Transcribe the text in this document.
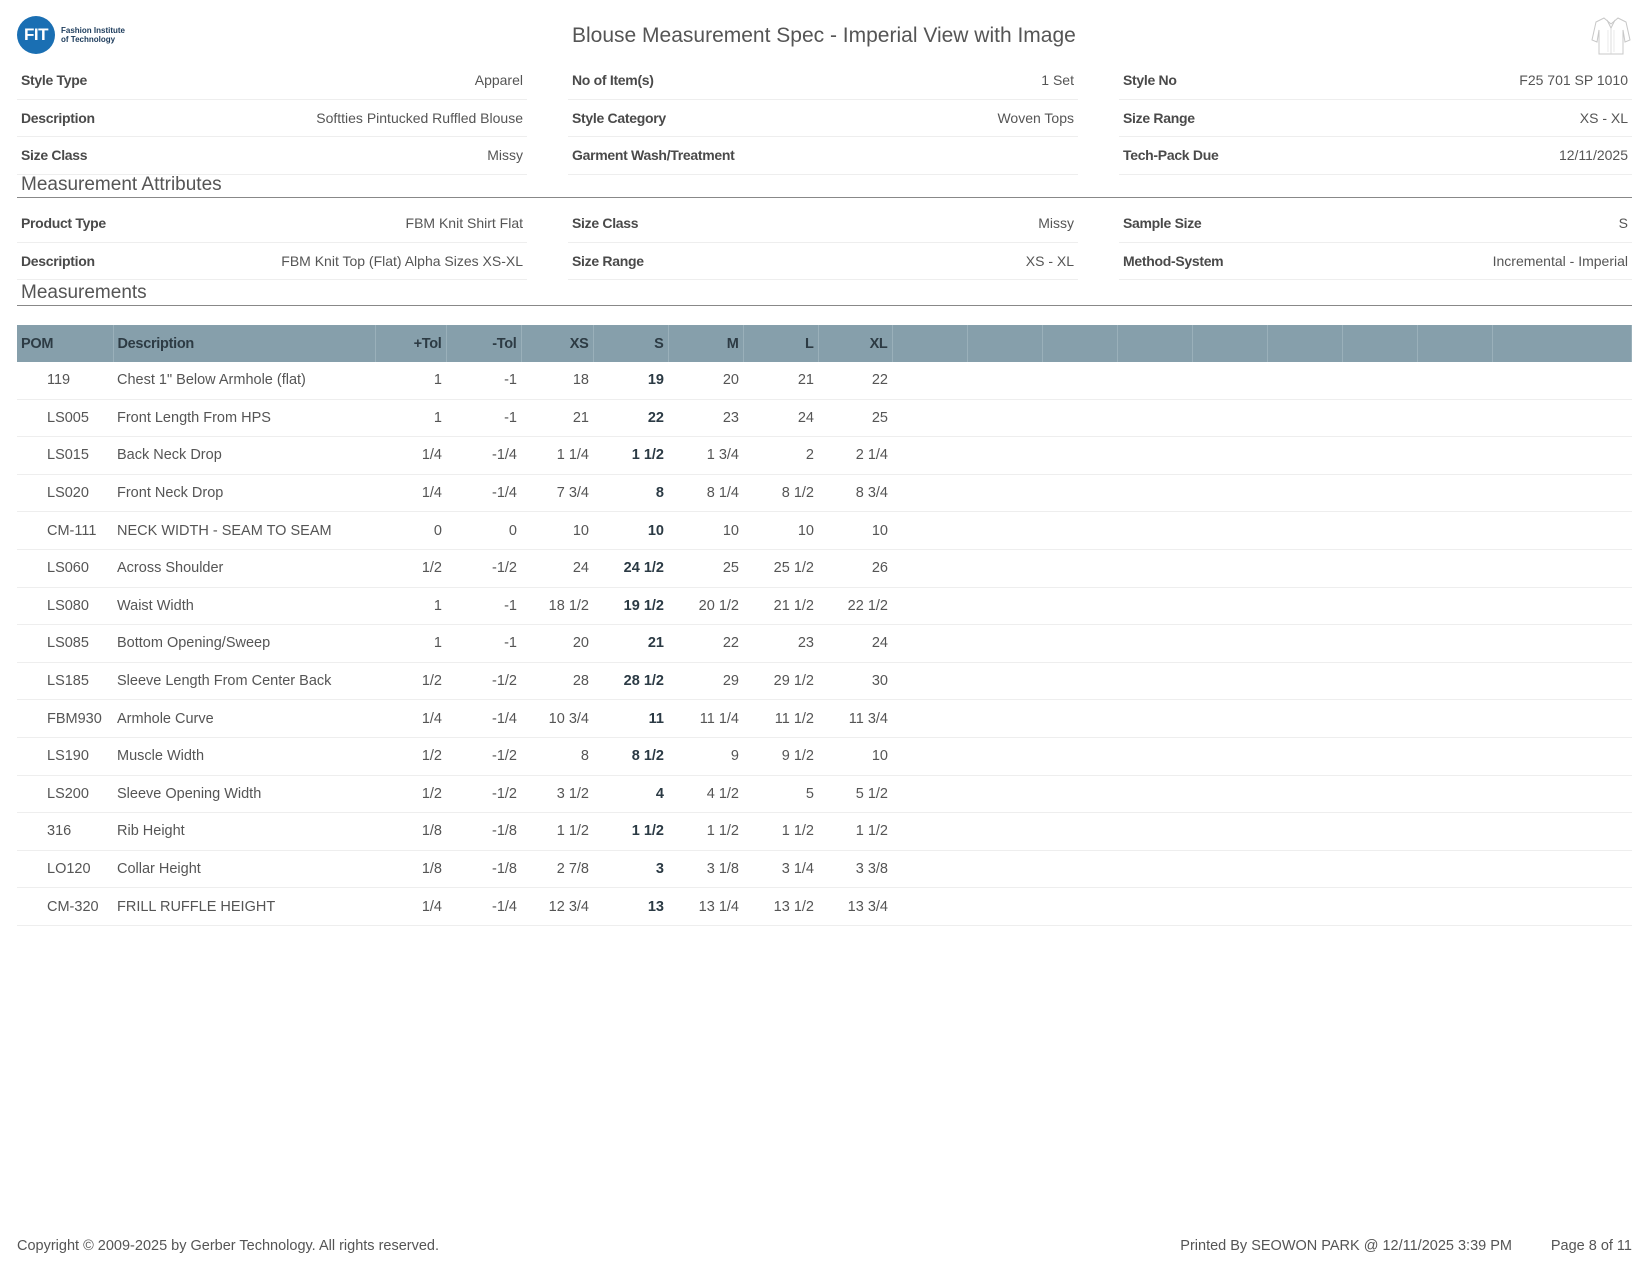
FIT	Fashion Institute of Technology	Blouse Measurement Spec - Imperial View with Image
Style Type	Apparel	No of Item(s)	1 Set	Style No	F25 701 SP 1010
Description	Softties Pintucked Ruffled Blouse	Style Category	Woven Tops	Size Range	XS - XL
Size Class	Missy	Garment Wash/Treatment	Tech-Pack Due	12/11/2025
Measurement Attributes
Product Type	FBM Knit Shirt Flat	Size Class	Missy	Sample Size	S
Description	FBM Knit Top (Flat) Alpha Sizes XS-XL	Size Range	XS - XL	Method-System	Incremental - Imperial
Measurements
POM	Description	+Tol	-Tol	XS	S	M	L	XL									
119	Chest 1" Below Armhole (flat)	1	-1	18	19	20	21	22									
LS005	Front Length From HPS	1	-1	21	22	23	24	25									
LS015	Back Neck Drop	1/4	-1/4	1 1/4	1 1/2	1 3/4	2	2 1/4									
LS020	Front Neck Drop	1/4	-1/4	7 3/4	8	8 1/4	8 1/2	8 3/4									
CM-111	NECK WIDTH - SEAM TO SEAM	0	0	10	10	10	10	10									
LS060	Across Shoulder	1/2	-1/2	24	24 1/2	25	25 1/2	26									
LS080	Waist Width	1	-1	18 1/2	19 1/2	20 1/2	21 1/2	22 1/2									
LS085	Bottom Opening/Sweep	1	-1	20	21	22	23	24									
LS185	Sleeve Length From Center Back	1/2	-1/2	28	28 1/2	29	29 1/2	30									
FBM930	Armhole Curve	1/4	-1/4	10 3/4	11	11 1/4	11 1/2	11 3/4									
LS190	Muscle Width	1/2	-1/2	8	8 1/2	9	9 1/2	10									
LS200	Sleeve Opening Width	1/2	-1/2	3 1/2	4	4 1/2	5	5 1/2									
316	Rib Height	1/8	-1/8	1 1/2	1 1/2	1 1/2	1 1/2	1 1/2									
LO120	Collar Height	1/8	-1/8	2 7/8	3	3 1/8	3 1/4	3 3/8									
CM-320	FRILL RUFFLE HEIGHT	1/4	-1/4	12 3/4	13	13 1/4	13 1/2	13 3/4									
Copyright © 2009-2025 by Gerber Technology. All rights reserved.	Printed By SEOWON PARK @ 12/11/2025 3:39 PM	Page 8 of 11
